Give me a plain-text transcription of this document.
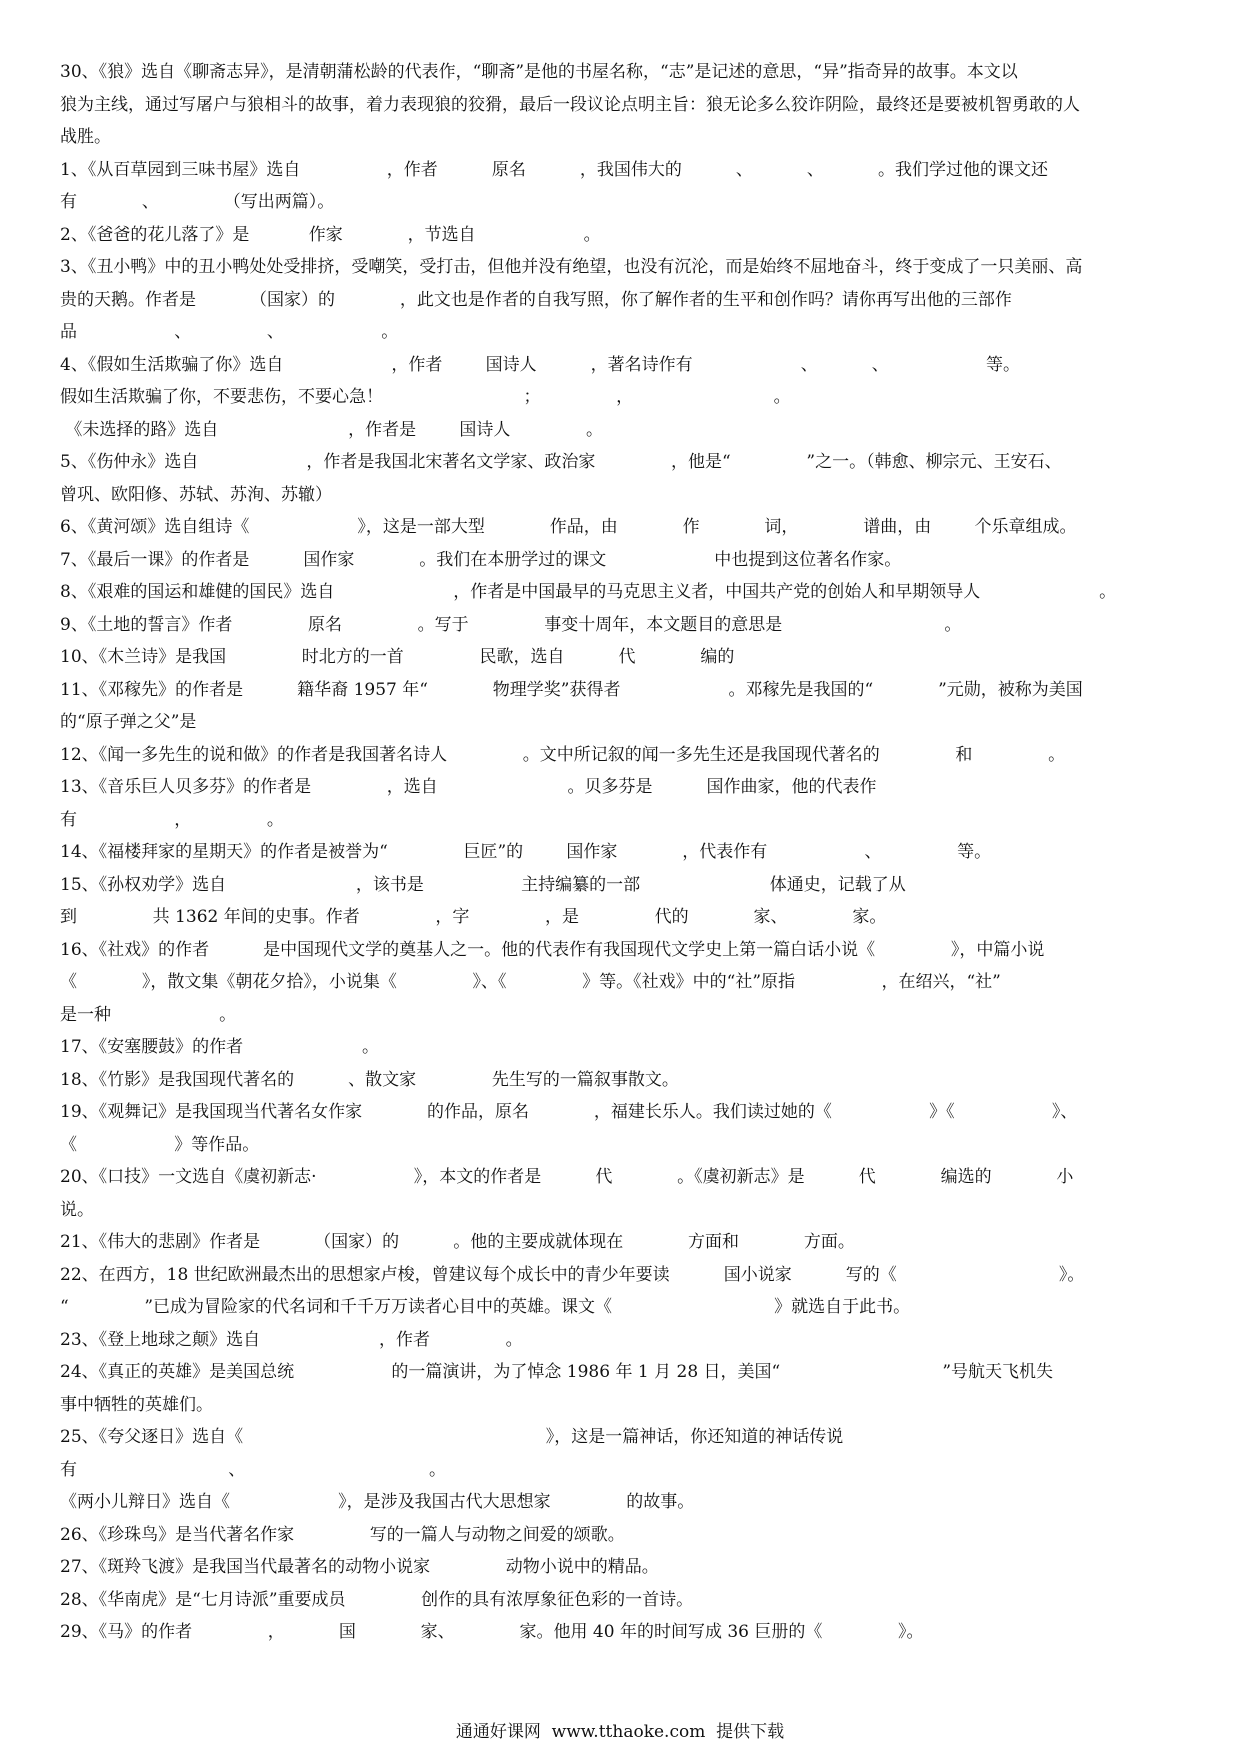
30、《狼》选自《聊斋志异》，是清朝蒲松龄的代表作，“聊斋”是他的书屋名称，“志”是记述的意思，“异”指奇异的故事。本文以
狼为主线，通过写屠户与狼相斗的故事，着力表现狼的狡猾，最后一段议论点明主旨：狼无论多么狡诈阴险，最终还是要被机智勇敢的人
战胜。
1、《从百草园到三味书屋》选自                ，作者          原名          ，我国伟大的          、          、          。我们学过他的课文还
有            、            （写出两篇）。
2、《爸爸的花儿落了》是           作家            ，节选自                    。
3、《丑小鸭》中的丑小鸭处处受排挤，受嘲笑，受打击，但他并没有绝望，也没有沉沦，而是始终不屈地奋斗，终于变成了一只美丽、高
贵的天鹅。作者是          （国家）的            ，此文也是作者的自我写照，你了解作者的生平和创作吗？请你再写出他的三部作
品                  、              、                  。
4、《假如生活欺骗了你》选自                    ，作者        国诗人          ，著名诗作有                    、          、                  等。
假如生活欺骗了你，不要悲伤，不要心急！                          ；              ，                          。
《未选择的路》选自                        ，作者是        国诗人              。
5、《伤仲永》选自                    ，作者是我国北宋著名文学家、政治家              ，他是“              ”之一。（韩愈、柳宗元、王安石、
曾巩、欧阳修、苏轼、苏洵、苏辙）
6、《黄河颂》选自组诗《                    》，这是一部大型            作品，由            作            词，            谱曲，由        个乐章组成。
7、《最后一课》的作者是          国作家            。我们在本册学过的课文                    中也提到这位著名作家。
8、《艰难的国运和雄健的国民》选自                      ，作者是中国最早的马克思主义者，中国共产党的创始人和早期领导人                      。
9、《土地的誓言》作者              原名              。写于              事变十周年，本文题目的意思是                              。
10、《木兰诗》是我国              时北方的一首              民歌，选自          代            编的
11、《邓稼先》的作者是          籍华裔 1957 年“            物理学奖”获得者                    。邓稼先是我国的“            ”元勋，被称为美国
的“原子弹之父”是
12、《闻一多先生的说和做》的作者是我国著名诗人              。文中所记叙的闻一多先生还是我国现代著名的              和              。
13、《音乐巨人贝多芬》的作者是              ，选自                        。贝多芬是          国作曲家，他的代表作
有                  ，              。
14、《福楼拜家的星期天》的作者是被誉为“              巨匠”的        国作家            ，代表作有                  、              等。
15、《孙权劝学》选自                        ，该书是                  主持编纂的一部                        体通史，记载了从
到              共 1362 年间的史事。作者              ，字              ，是              代的            家、            家。
16、《社戏》的作者          是中国现代文学的奠基人之一。他的代表作有我国现代文学史上第一篇白话小说《              》，中篇小说
《            》，散文集《朝花夕拾》，小说集《              》、《              》等。《社戏》中的“社”原指                ，在绍兴，“社”
是一种                    。
17、《安塞腰鼓》的作者                      。
18、《竹影》是我国现代著名的          、散文家              先生写的一篇叙事散文。
19、《观舞记》是我国现当代著名女作家            的作品，原名            ，福建长乐人。我们读过她的《                  》《                  》、
《                  》等作品。
20、《口技》一文选自《虞初新志·                  》，本文的作者是          代            。《虞初新志》是          代            编选的            小
说。
21、《伟大的悲剧》作者是          （国家）的          。他的主要成就体现在            方面和            方面。
22、在西方，18 世纪欧洲最杰出的思想家卢梭，曾建议每个成长中的青少年要读          国小说家          写的《                              》。
“              ”已成为冒险家的代名词和千千万万读者心目中的英雄。课文《                              》就选自于此书。
23、《登上地球之颠》选自                      ，作者              。
24、《真正的英雄》是美国总统                  的一篇演讲，为了悼念 1986 年 1 月 28 日，美国“                              ”号航天飞机失
事中牺牲的英雄们。
25、《夸父逐日》选自《                                                        》，这是一篇神话，你还知道的神话传说
有                            、                                  。
《两小儿辩日》选自《                    》，是涉及我国古代大思想家              的故事。
26、《珍珠鸟》是当代著名作家              写的一篇人与动物之间爱的颂歌。
27、《斑羚飞渡》是我国当代最著名的动物小说家              动物小说中的精品。
28、《华南虎》是“七月诗派”重要成员              创作的具有浓厚象征色彩的一首诗。
29、《马》的作者              ，          国            家、            家。他用 40 年的时间写成 36 巨册的《              》。
通通好课网  www.tthaoke.com  提供下载
